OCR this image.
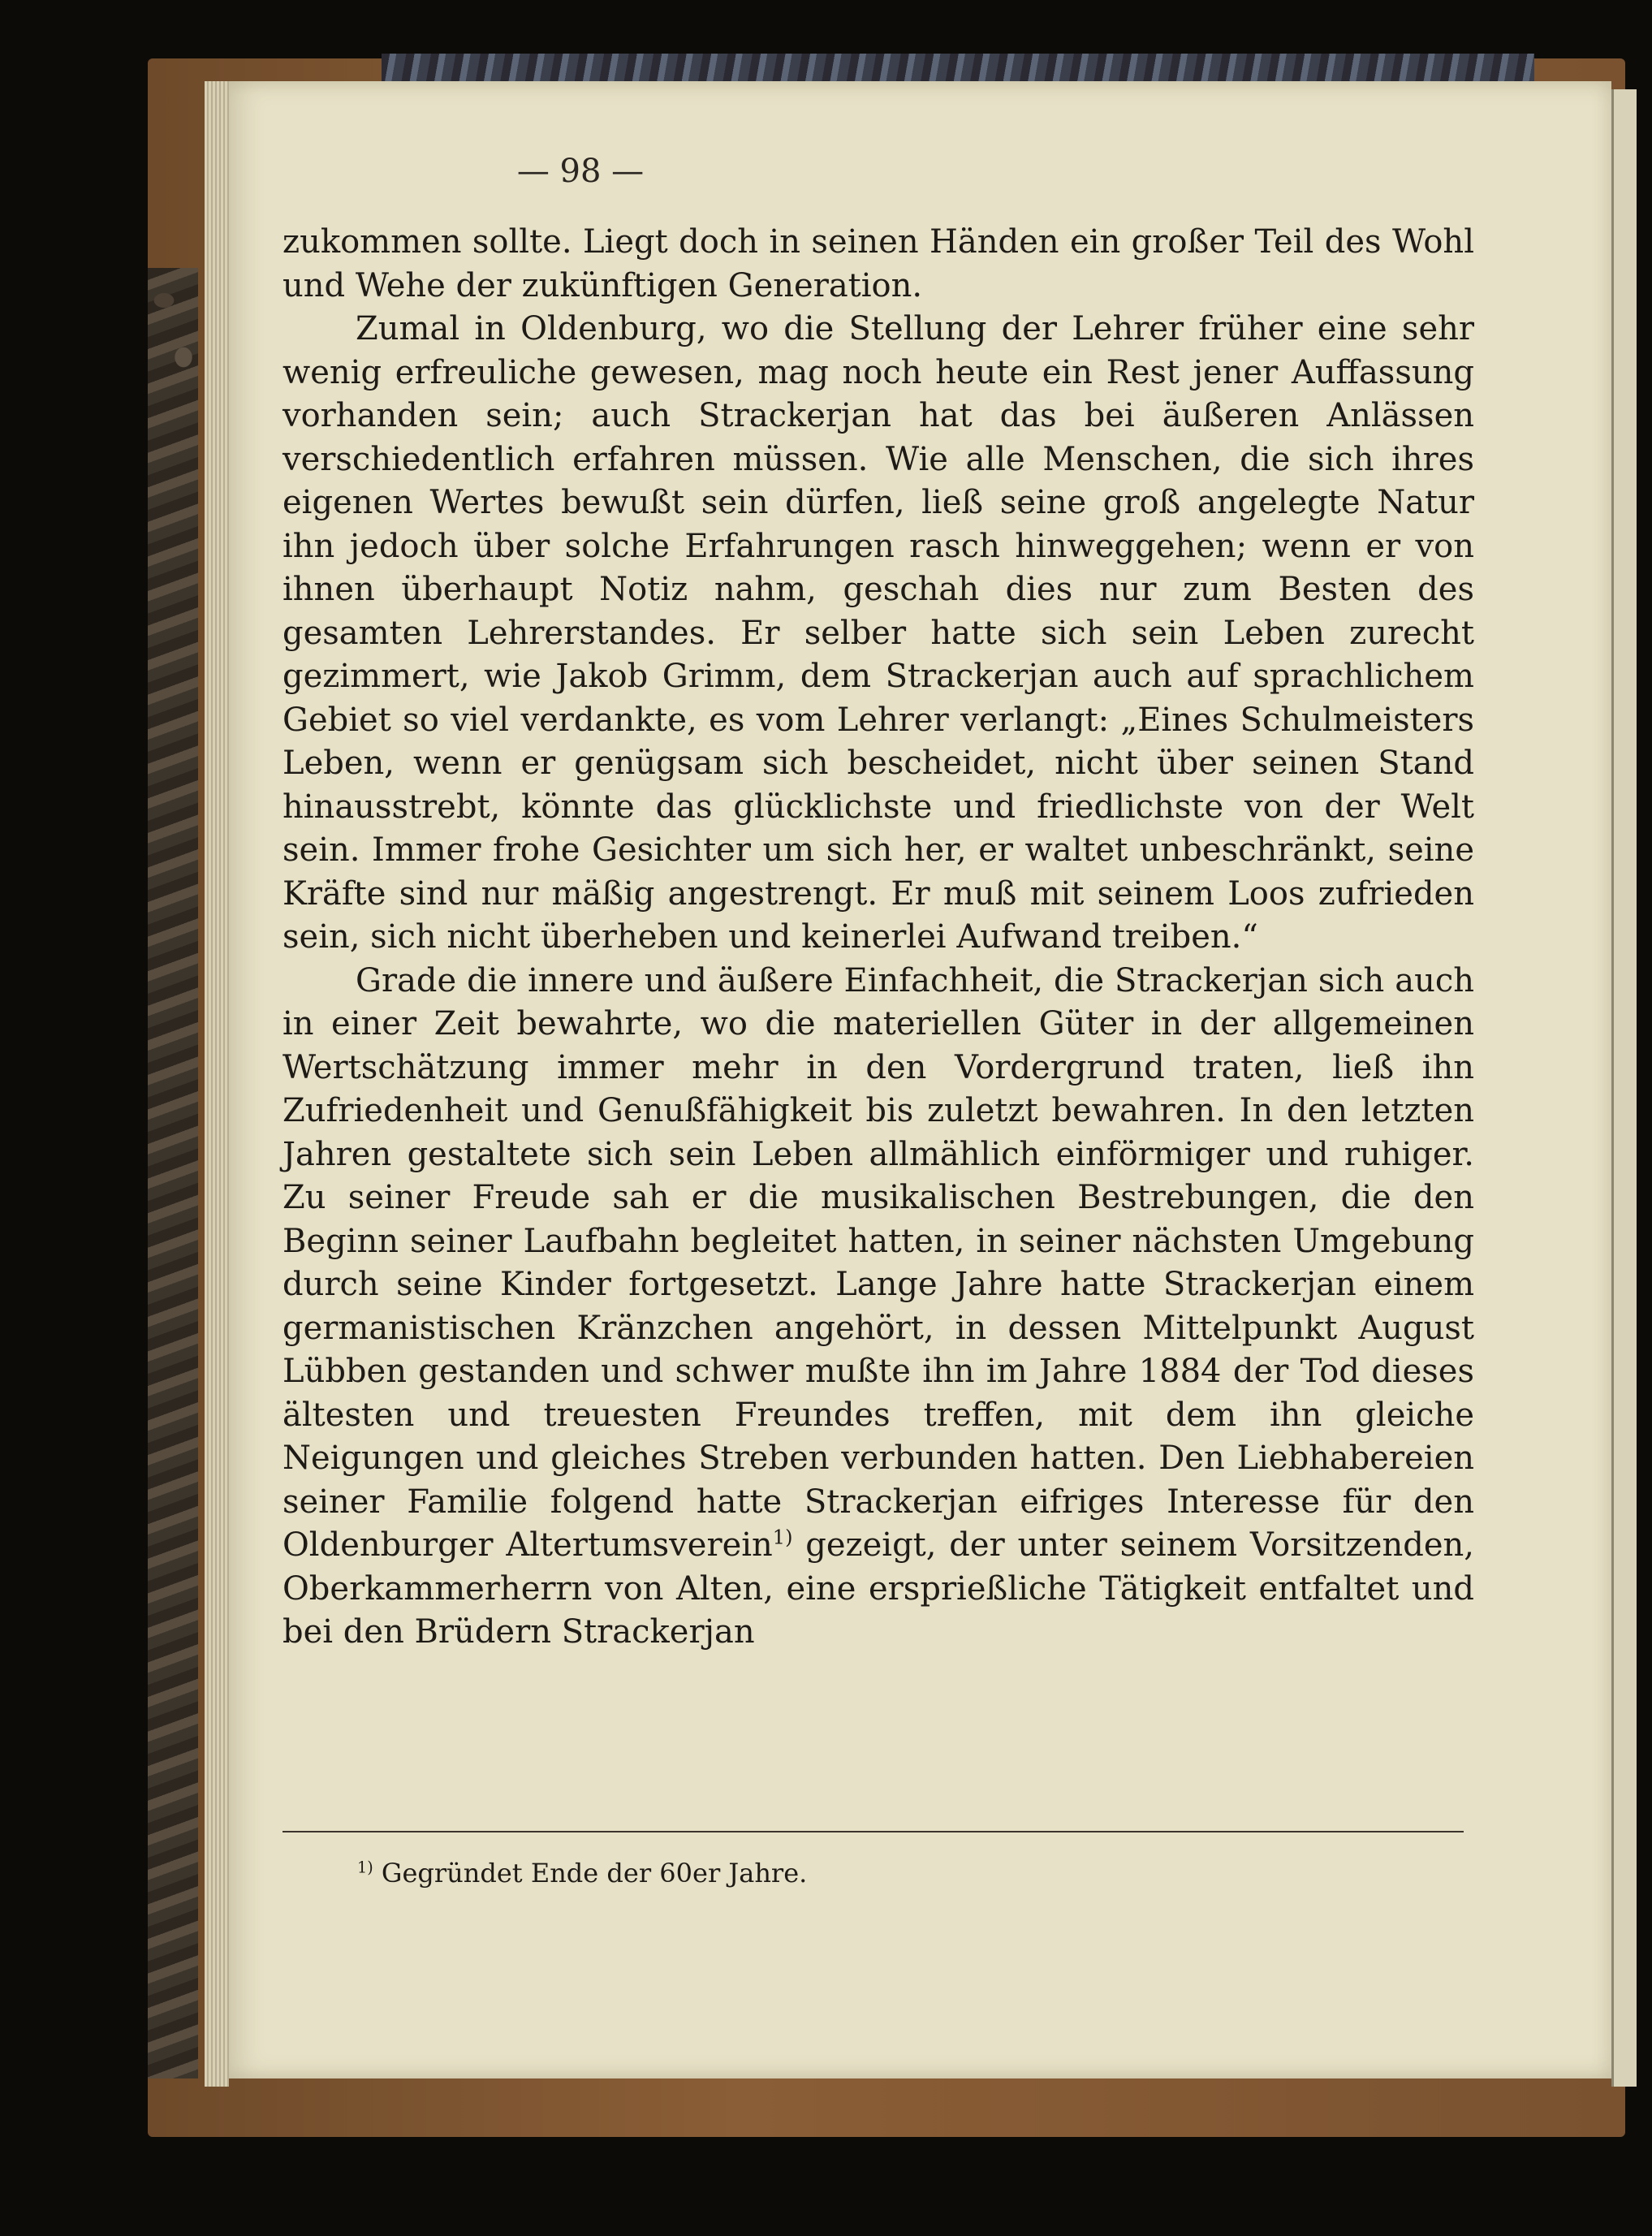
— 98 —

zukommen sollte. Liegt doch in seinen Händen ein großer Teil des Wohl und Wehe der zukünftigen Generation.

Zumal in Oldenburg, wo die Stellung der Lehrer früher eine sehr wenig erfreuliche gewesen, mag noch heute ein Rest jener Auffassung vorhanden sein; auch Strackerjan hat das bei äußeren Anlässen verschiedentlich erfahren müssen. Wie alle Menschen, die sich ihres eigenen Wertes bewußt sein dürfen, ließ seine groß angelegte Natur ihn jedoch über solche Erfahrungen rasch hinweggehen; wenn er von ihnen überhaupt Notiz nahm, geschah dies nur zum Besten des gesamten Lehrerstandes. Er selber hatte sich sein Leben zurecht gezimmert, wie Jakob Grimm, dem Strackerjan auch auf sprachlichem Gebiet so viel verdankte, es vom Lehrer verlangt: „Eines Schulmeisters Leben, wenn er genügsam sich bescheidet, nicht über seinen Stand hinausstrebt, könnte das glücklichste und friedlichste von der Welt sein. Immer frohe Gesichter um sich her, er waltet unbeschränkt, seine Kräfte sind nur mäßig angestrengt. Er muß mit seinem Loos zufrieden sein, sich nicht überheben und keinerlei Aufwand treiben.“

Grade die innere und äußere Einfachheit, die Strackerjan sich auch in einer Zeit bewahrte, wo die materiellen Güter in der allgemeinen Wertschätzung immer mehr in den Vordergrund traten, ließ ihn Zufriedenheit und Genußfähigkeit bis zuletzt bewahren. In den letzten Jahren gestaltete sich sein Leben allmählich einförmiger und ruhiger. Zu seiner Freude sah er die musikalischen Bestrebungen, die den Beginn seiner Laufbahn begleitet hatten, in seiner nächsten Umgebung durch seine Kinder fortgesetzt. Lange Jahre hatte Strackerjan einem germanistischen Kränzchen angehört, in dessen Mittelpunkt August Lübben gestanden und schwer mußte ihn im Jahre 1884 der Tod dieses ältesten und treuesten Freundes treffen, mit dem ihn gleiche Neigungen und gleiches Streben verbunden hatten. Den Liebhabereien seiner Familie folgend hatte Strackerjan eifriges Interesse für den Oldenburger Altertumsverein$^{1)}$ gezeigt, der unter seinem Vorsitzenden, Oberkammerherrn von Alten, eine ersprießliche Tätigkeit entfaltet und bei den Brüdern Strackerjan

$^{1)}$ Gegründet Ende der 60er Jahre.
